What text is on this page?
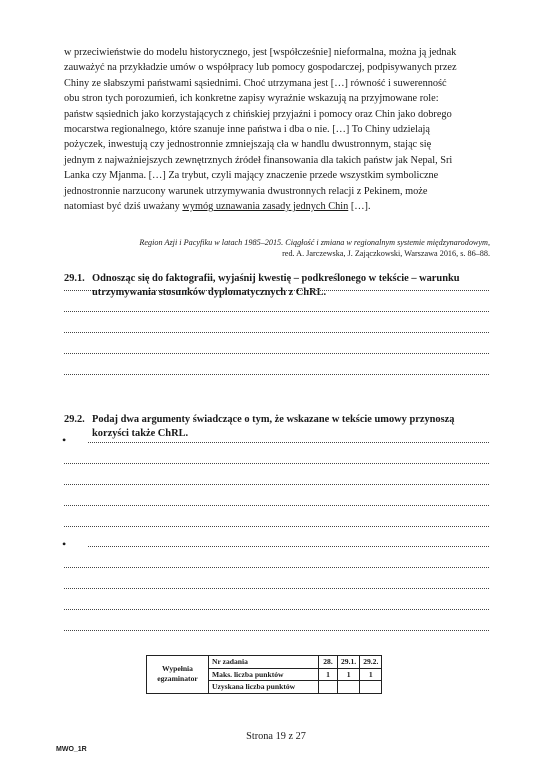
w przeciwieństwie do modelu historycznego, jest [współcześnie] nieformalna, można ją jednak
zauważyć na przykładzie umów o współpracy lub pomocy gospodarczej, podpisywanych przez
Chiny ze słabszymi państwami sąsiednimi. Choć utrzymana jest […] równość i suwerenność
obu stron tych porozumień, ich konkretne zapisy wyraźnie wskazują na przyjmowane role:
państw sąsiednich jako korzystających z chińskiej przyjaźni i pomocy oraz Chin jako dobrego
mocarstwa regionalnego, które szanuje inne państwa i dba o nie. […] To Chiny udzielają
pożyczek, inwestują czy jednostronnie zmniejszają cła w handlu dwustronnym, stając się
jednym z najważniejszych zewnętrznych źródeł finansowania dla takich państw jak Nepal, Sri
Lanka czy Mjanma. […] Za trybut, czyli mający znaczenie przede wszystkim symboliczne
jednostronnie narzucony warunek utrzymywania dwustronnych relacji z Pekinem, może
natomiast być dziś uważany wymóg uznawania zasady jednych Chin […].
Region Azji i Pacyfiku w latach 1985–2015. Ciągłość i zmiana w regionalnym systemie międzynarodowym,
red. A. Jarczewska, J. Zajączkowski, Warszawa 2016, s. 86–88.
29.1. Odnosząc się do faktografii, wyjaśnij kwestię – podkreślonego w tekście – warunku utrzymywania stosunków dyplomatycznych z ChRL.
29.2. Podaj dwa argumenty świadczące o tym, że wskazane w tekście umowy przynoszą korzyści także ChRL.
•
•
Wypełnia egzaminator	Nr zadania	28.	29.1.	29.2.
	Maks. liczba punktów	1	1	1
	Uzyskana liczba punktów			
Strona 19 z 27
MWO_1R
